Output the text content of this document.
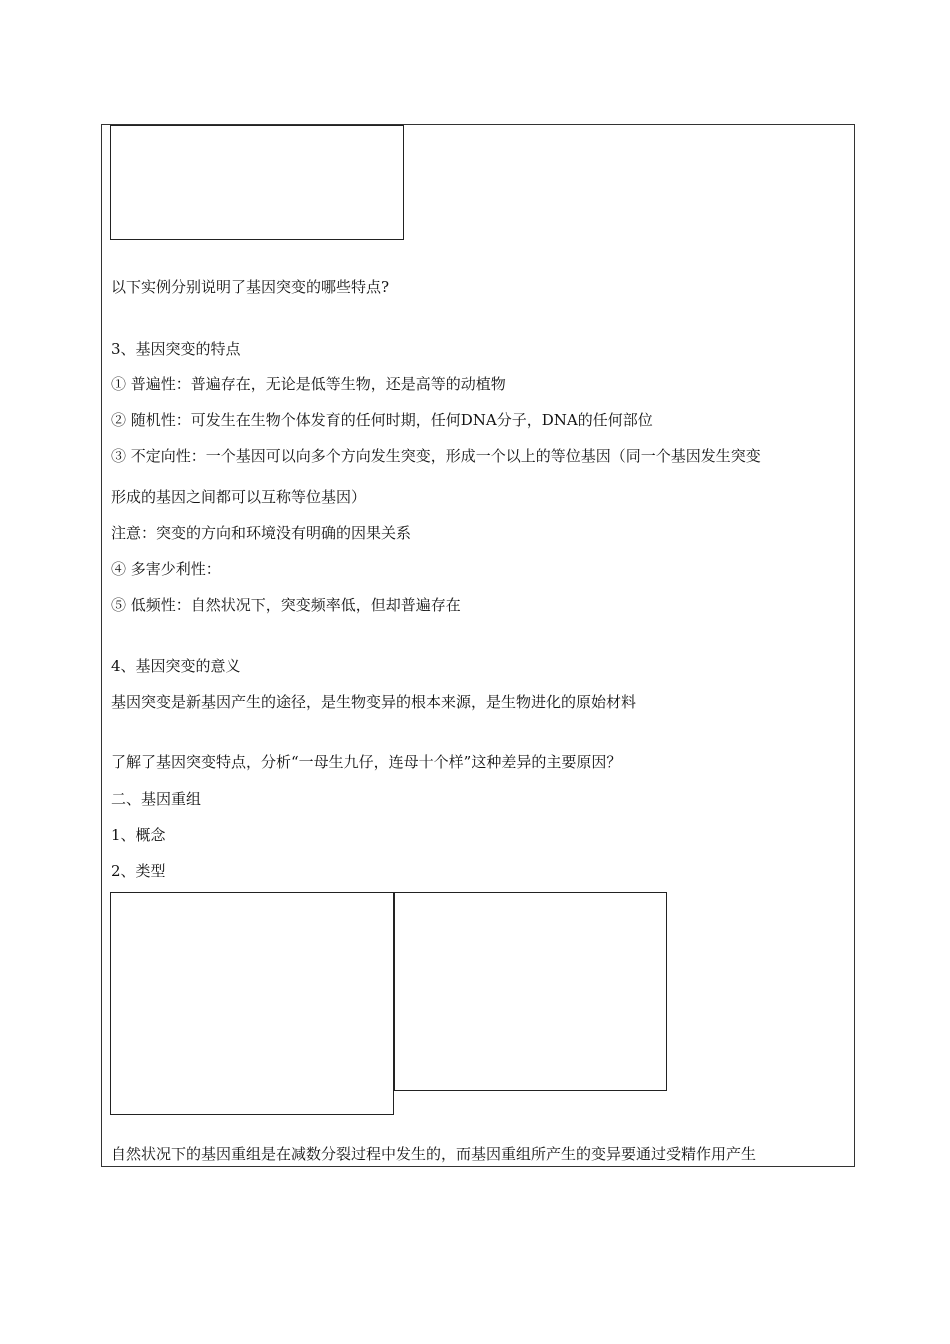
以下实例分别说明了基因突变的哪些特点?
3、基因突变的特点
① 普遍性：普遍存在，无论是低等生物，还是高等的动植物
② 随机性：可发生在生物个体发育的任何时期，任何DNA分子，DNA的任何部位
③ 不定向性：一个基因可以向多个方向发生突变，形成一个以上的等位基因（同一个基因发生突变
形成的基因之间都可以互称等位基因）
注意：突变的方向和环境没有明确的因果关系
④ 多害少利性：
⑤ 低频性：自然状况下，突变频率低，但却普遍存在
4、基因突变的意义
基因突变是新基因产生的途径，是生物变异的根本来源，是生物进化的原始材料
了解了基因突变特点，分析“一母生九仔，连母十个样”这种差异的主要原因？
二、基因重组
1、概念
2、类型
自然状况下的基因重组是在减数分裂过程中发生的，而基因重组所产生的变异要通过受精作用产生
